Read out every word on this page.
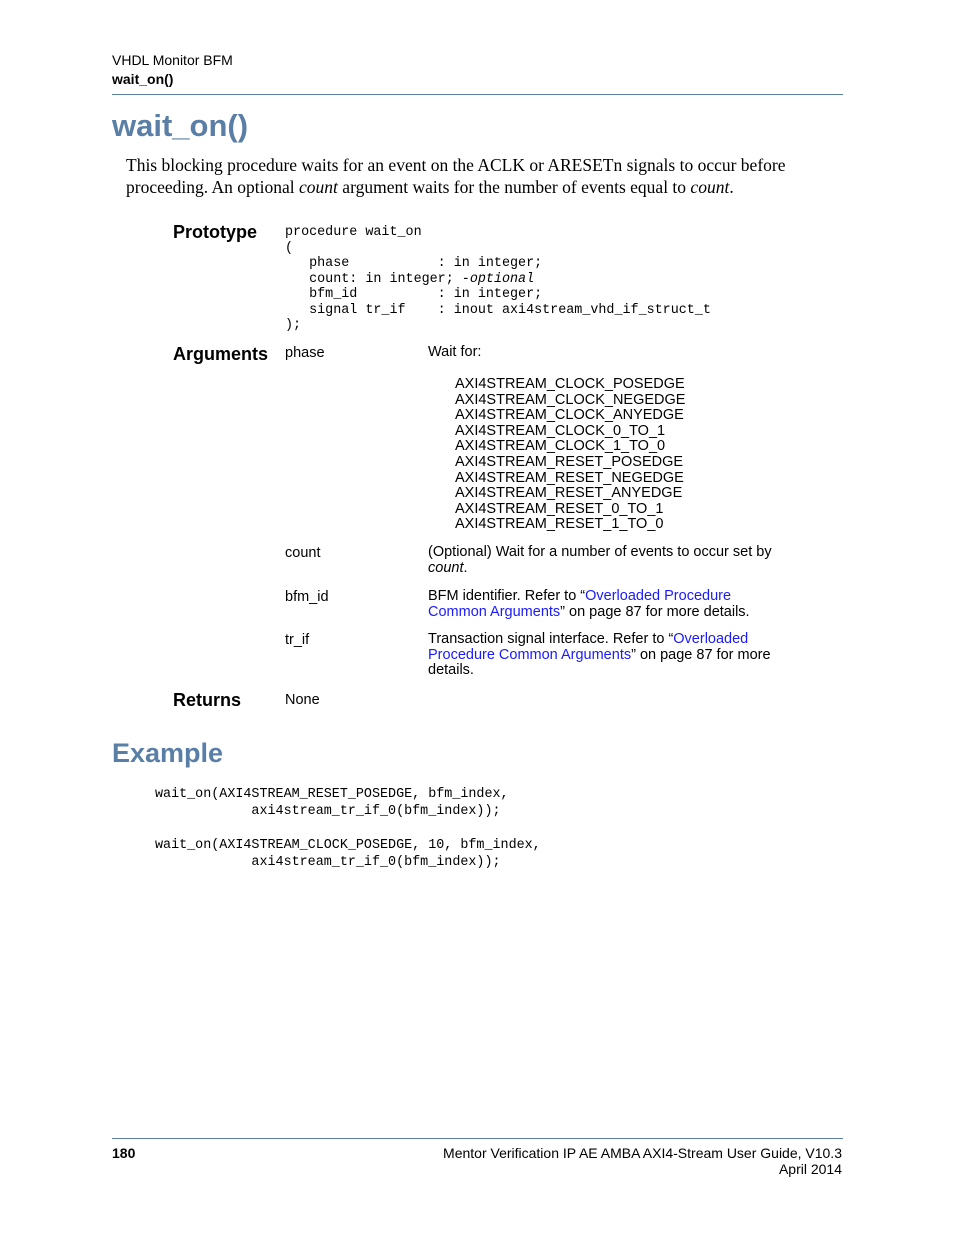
VHDL Monitor BFM
wait_on()
wait_on()
This blocking procedure waits for an event on the ACLK or ARESETn signals to occur before proceeding. An optional count argument waits for the number of events equal to count.
Prototype procedure wait_on
(
phase           : in integer;
count: in integer; -optional
bfm_id          : in integer;
signal tr_if    : inout axi4stream_vhd_if_struct_t
);
Arguments phase	Wait for:
AXI4STREAM_CLOCK_POSEDGE
AXI4STREAM_CLOCK_NEGEDGE
AXI4STREAM_CLOCK_ANYEDGE
AXI4STREAM_CLOCK_0_TO_1
AXI4STREAM_CLOCK_1_TO_0
AXI4STREAM_RESET_POSEDGE
AXI4STREAM_RESET_NEGEDGE
AXI4STREAM_RESET_ANYEDGE
AXI4STREAM_RESET_0_TO_1
AXI4STREAM_RESET_1_TO_0
count	(Optional) Wait for a number of events to occur set by count.
bfm_id	BFM identifier. Refer to “Overloaded Procedure Common Arguments” on page 87 for more details.
tr_if	Transaction signal interface. Refer to “Overloaded Procedure Common Arguments” on page 87 for more details.
Returns	None
Example
wait_on(AXI4STREAM_RESET_POSEDGE, bfm_index,
axi4stream_tr_if_0(bfm_index));

wait_on(AXI4STREAM_CLOCK_POSEDGE, 10, bfm_index,
axi4stream_tr_if_0(bfm_index));
180	Mentor Verification IP AE AMBA AXI4-Stream User Guide, V10.3
April 2014
